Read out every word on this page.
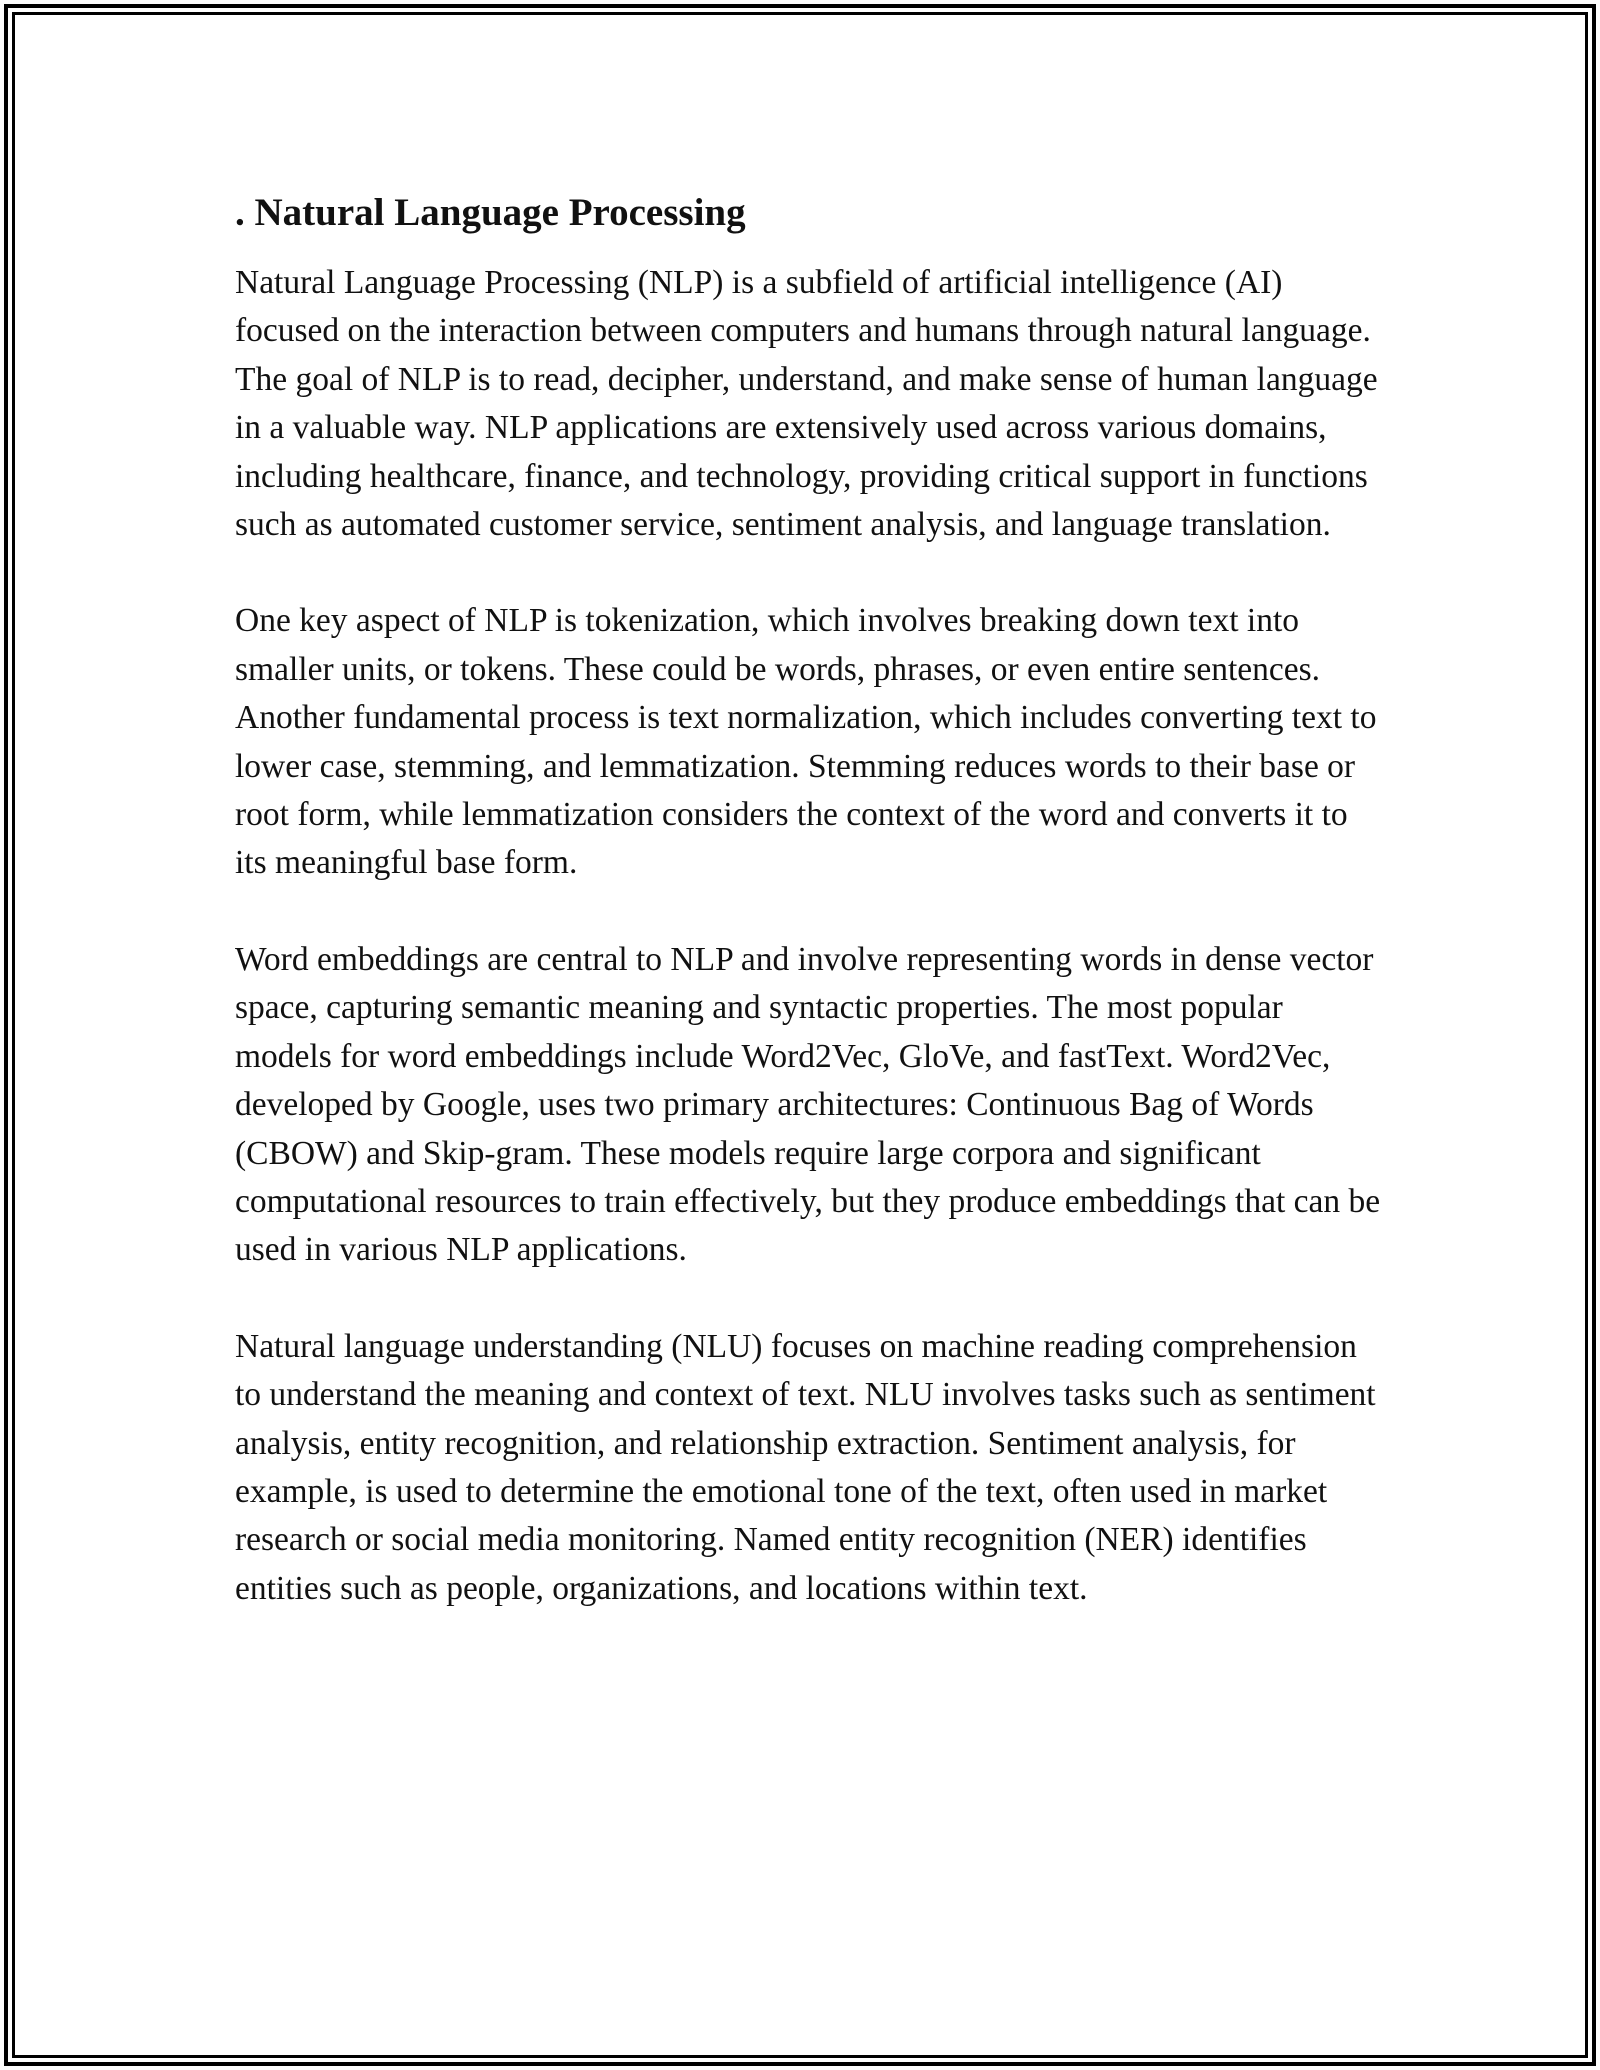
. Natural Language Processing

Natural Language Processing (NLP) is a subfield of artificial intelligence (AI) focused on the interaction between computers and humans through natural language. The goal of NLP is to read, decipher, understand, and make sense of human language in a valuable way. NLP applications are extensively used across various domains, including healthcare, finance, and technology, providing critical support in functions such as automated customer service, sentiment analysis, and language translation.

One key aspect of NLP is tokenization, which involves breaking down text into smaller units, or tokens. These could be words, phrases, or even entire sentences. Another fundamental process is text normalization, which includes converting text to lower case, stemming, and lemmatization. Stemming reduces words to their base or root form, while lemmatization considers the context of the word and converts it to its meaningful base form.

Word embeddings are central to NLP and involve representing words in dense vector space, capturing semantic meaning and syntactic properties. The most popular models for word embeddings include Word2Vec, GloVe, and fastText. Word2Vec, developed by Google, uses two primary architectures: Continuous Bag of Words (CBOW) and Skip-gram. These models require large corpora and significant computational resources to train effectively, but they produce embeddings that can be used in various NLP applications.

Natural language understanding (NLU) focuses on machine reading comprehension to understand the meaning and context of text. NLU involves tasks such as sentiment analysis, entity recognition, and relationship extraction. Sentiment analysis, for example, is used to determine the emotional tone of the text, often used in market research or social media monitoring. Named entity recognition (NER) identifies entities such as people, organizations, and locations within text.
